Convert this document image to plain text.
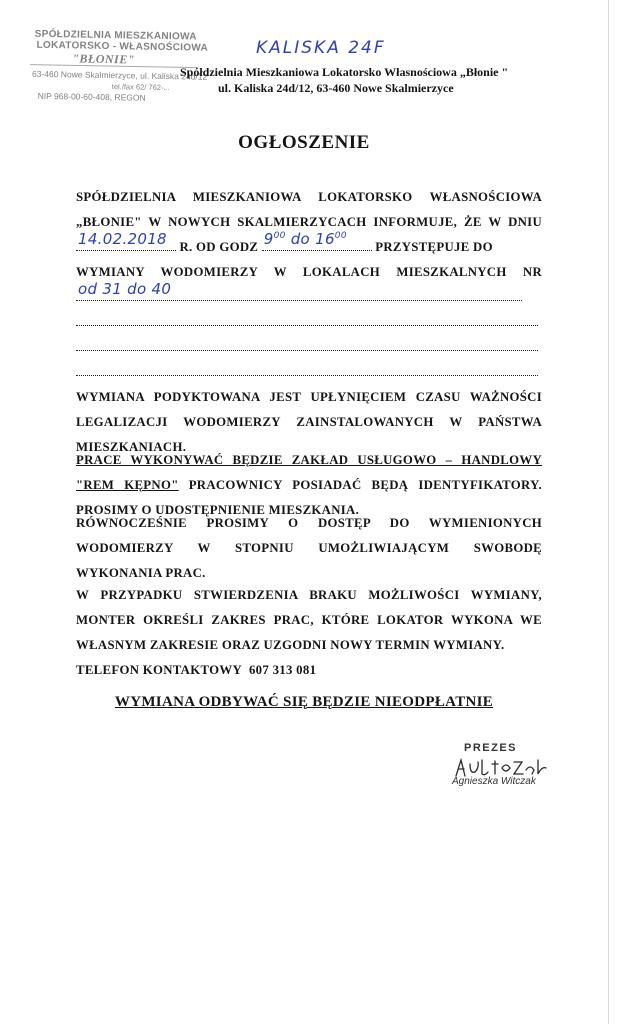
SPÓŁDZIELNIA MIESZKANIOWA
LOKATORSKO - WŁASNOŚCIOWA
"BŁONIE"
63-460 Nowe Skalmierzyce, ul. Kaliska 24d/12
tel./fax 62/ 762-...
NIP 968-00-60-408, REGON
KALISKA 24F
Spółdzielnia Mieszkaniowa Lokatorsko Własnościowa „Błonie "
ul. Kaliska 24d/12, 63-460 Nowe Skalmierzyce
OGŁOSZENIE
SPÓŁDZIELNIA MIESZKANIOWA LOKATORSKO WŁASNOŚCIOWA
„BŁONIE" W NOWYCH SKALMIERZYCACH INFORMUJE, ŻE W DNIU
14.02.2018 R. OD GODZ $9^{00}$ do $16^{00}$
PRZYSTĘPUJE DO
WYMIANY WODOMIERZY W LOKALACH MIESZKALNYCH NR
od 31 do 40
WYMIANA PODYKTOWANA JEST UPŁYNIĘCIEM CZASU WAŻNOŚCI
LEGALIZACJI WODOMIERZY ZAINSTALOWANYCH W PAŃSTWA
MIESZKANIACH.
PRACE WYKONYWAĆ BĘDZIE ZAKŁAD USŁUGOWO – HANDLOWY
"REM KĘPNO" PRACOWNICY POSIADAĆ BĘDĄ IDENTYFIKATORY.
PROSIMY O UDOSTĘPNIENIE MIESZKANIA.
RÓWNOCZEŚNIE PROSIMY O DOSTĘP DO WYMIENIONYCH
WODOMIERZY W STOPNIU UMOŻLIWIAJĄCYM SWOBODĘ
WYKONANIA PRAC.
W PRZYPADKU STWIERDZENIA BRAKU MOŻLIWOŚCI WYMIANY,
MONTER OKREŚLI ZAKRES PRAC, KTÓRE LOKATOR WYKONA WE
WŁASNYM ZAKRESIE ORAZ UZGODNI NOWY TERMIN WYMIANY.
TELEFON KONTAKTOWY 607 313 081
WYMIANA ODBYWAĆ SIĘ BĘDZIE NIEODPŁATNIE
PREZES
Agnieszka Witczak
